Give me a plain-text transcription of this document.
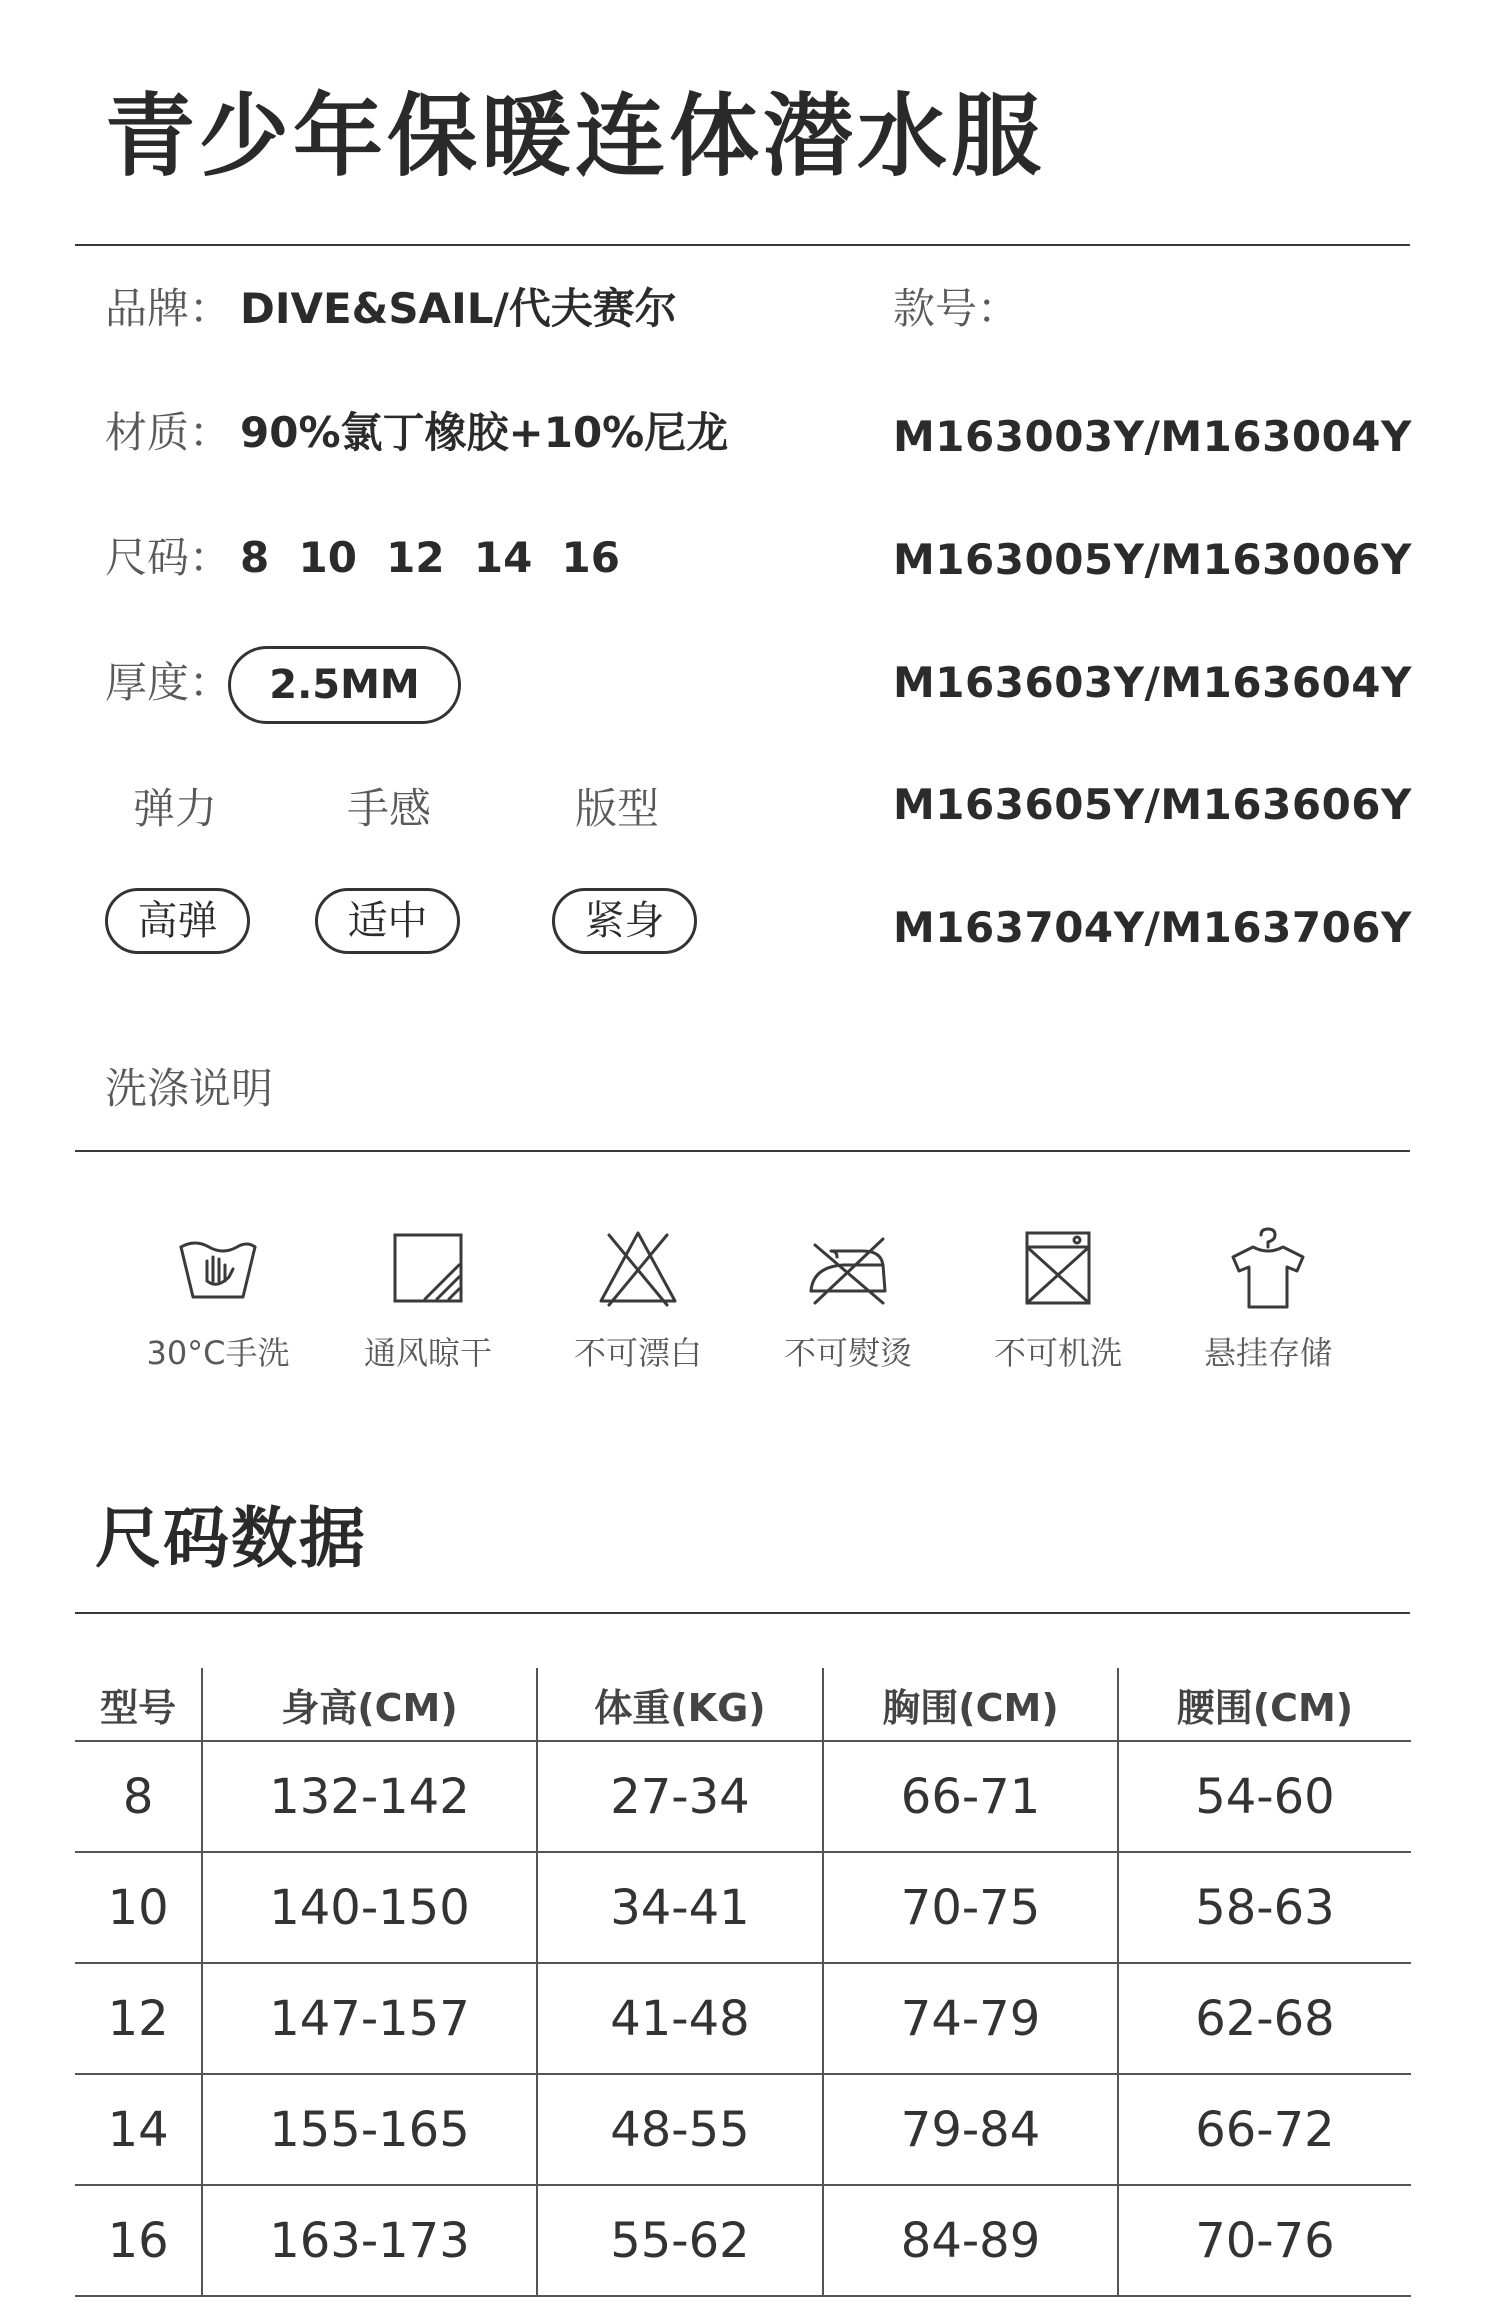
青少年保暖连体潜水服
品牌： DIVE&SAIL/代夫赛尔
材质： 90%氯丁橡胶+10%尼龙
尺码： 8  10  12  14  16
厚度： 2.5MM
弹力	手感	版型
高弹	适中	紧身
款号：
M163003Y/M163004Y
M163005Y/M163006Y
M163603Y/M163604Y
M163605Y/M163606Y
M163704Y/M163706Y
洗涤说明
30°C手洗 通风晾干	不可漂白	不可熨烫	不可机洗	悬挂存储
尺码数据
型号	身高(CM)	体重(KG)	胸围(CM)	腰围(CM)
8	132-142	27-34	66-71	54-60
10	140-150	34-41	70-75	58-63
12	147-157	41-48	74-79	62-68
14	155-165	48-55	79-84	66-72
16	163-173	55-62	84-89	70-76
